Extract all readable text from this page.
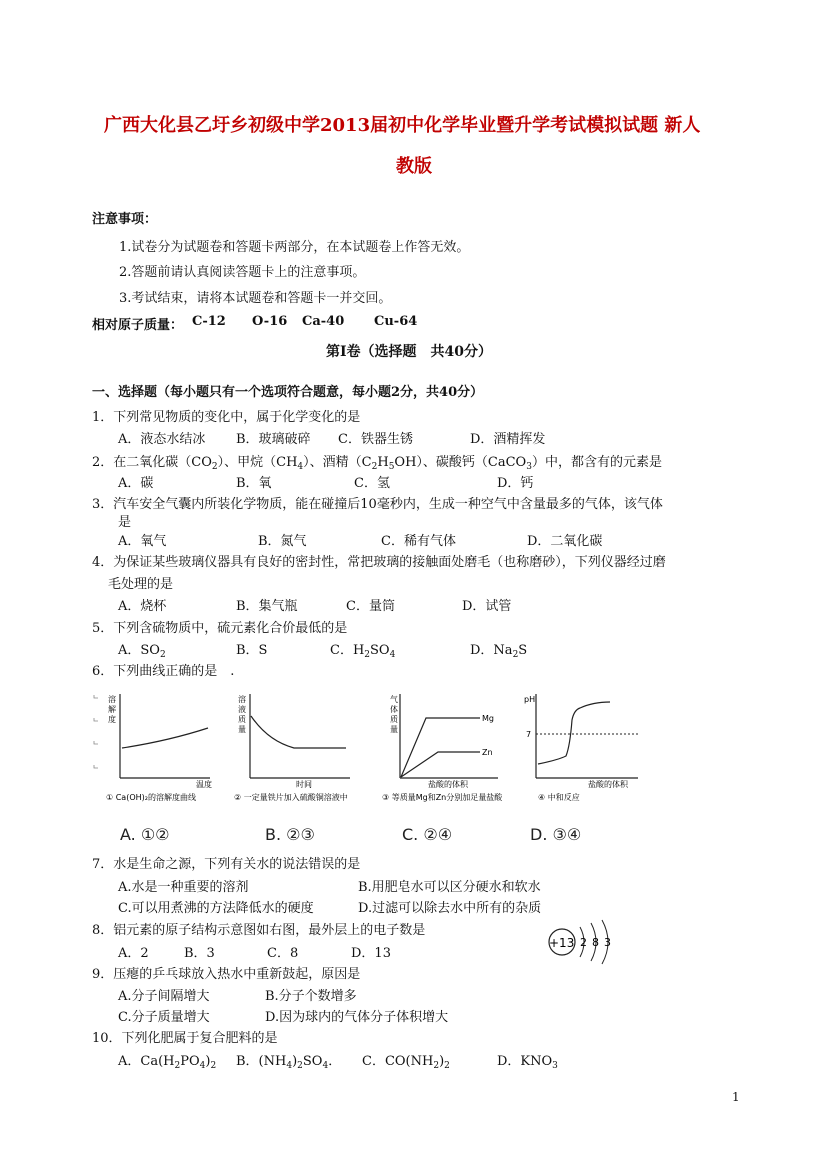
广西大化县乙圩乡初级中学2013届初中化学毕业暨升学考试模拟试题 新人
教版
注意事项：
1.试卷分为试题卷和答题卡两部分，在本试题卷上作答无效。
2.答题前请认真阅读答题卡上的注意事项。
3.考试结束，请将本试题卷和答题卡一并交回。
相对原子质量： C-12 O-16 Ca-40 Cu-64
第Ⅰ卷（选择题　共40分）
一、选择题（每小题只有一个选项符合题意，每小题2分，共40分）
1．下列常见物质的变化中，属于化学变化的是
A．液态水结冰 B．玻璃破碎 C．铁器生锈	D．酒精挥发
2．在二氧化碳$(CO_2)$、甲烷$(CH_4)$、酒精$(C_2H_5OH)$、碳酸钙（CaCO$_3$）中，都含有的元素是
A．碳	B．氧	C．氢	D．钙
3．汽车安全气囊内所装化学物质，能在碰撞后10毫秒内，生成一种空气中含量最多的气体，该气体
是
A．氧气	B．氮气	C．稀有气体	D．二氧化碳
4．为保证某些玻璃仪器具有良好的密封性，常把玻璃的接触面处磨毛（也称磨砂），下列仪器经过磨
毛处理的是
A．烧杯	B．集气瓶	C．量筒	D．试管
5．下列含硫物质中，硫元素化合价最低的是
A．$SO_2$	B．S	C．$H_2SO_4$	D．$Na_2S$
6．下列曲线正确的是　.
溶
解
度
温度
① Ca(OH)₂的溶解度曲线
溶
液
质
量
时间
② 一定量铁片加入硫酸铜溶液中
Mg
Zn
气
体
质
量
盐酸的体积
③ 等质量Mg和Zn分别加足量盐酸
pH
7
盐酸的体积
④ 中和反应
A. ①②	B. ②③	C. ②④	D. ③④
7．水是生命之源，下列有关水的说法错误的是
A.水是一种重要的溶剂	B.用肥皂水可以区分硬水和软水
C.可以用煮沸的方法降低水的硬度	D.过滤可以除去水中所有的杂质
8．铝元素的原子结构示意图如右图，最外层上的电子数是
A．2	B．3	C．8	D．13
+13 2 8 3
9．压瘪的乒乓球放入热水中重新鼓起，原因是
A.分子间隔增大	B.分子个数增多
C.分子质量增大	D.因为球内的气体分子体积增大
10．下列化肥属于复合肥料的是
A．$Ca(H_2PO_4)_2$ B．$(NH_4)_2SO_4$． C．$CO(NH_2)_2$	D．$KNO_3$
1
